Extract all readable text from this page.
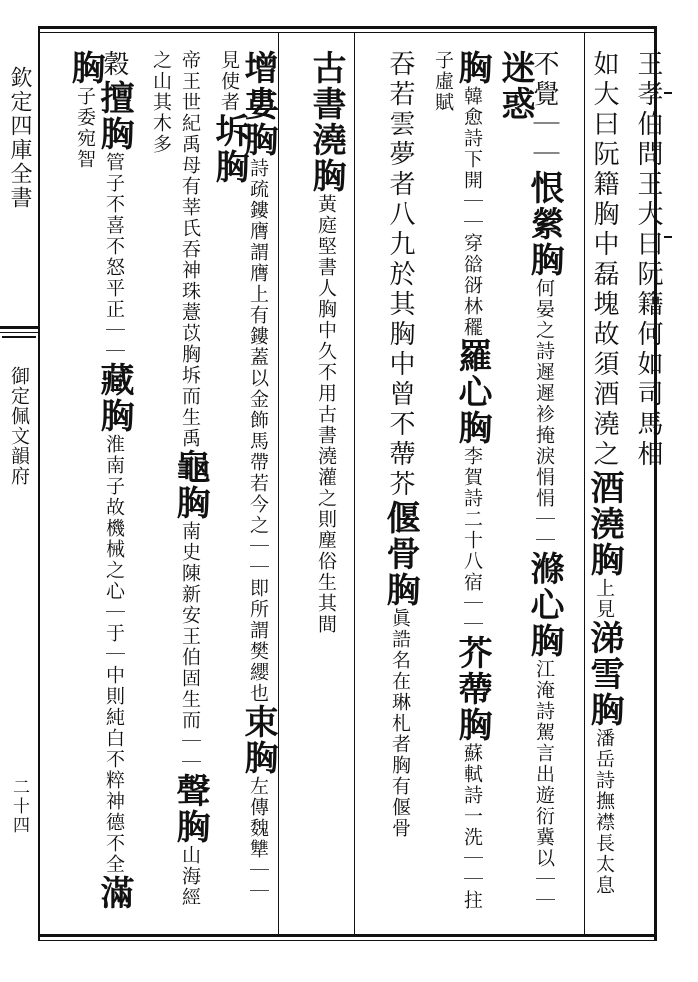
欽定四庫全書
御定佩文韻府
二十四
王孝伯問王大曰阮籍何如司馬相
如大曰阮籍胸中磊塊故須酒澆之酒澆胸上見涕雪胸潘岳詩撫襟長太息
不覺｜｜恨縈胸何晏之詩遲遲袗掩淚悁悁｜｜滌心胸江淹詩駕言出遊衍冀以｜｜迷惑
胸韓愈詩下開｜｜穿谽谺林䆉羅心胸李賀詩二十八宿｜｜芥蔕胸蘇軾詩一洗｜｜拄子虛賦
吞若雲夢者八九於其胸中曾不蔕芥偃骨胸眞誥名在琳札者胸有偃骨
古書澆胸黃庭堅書人胸中久不用古書澆灌之則塵俗生其間
增婁胸詩疏鏤膺謂膺上有鏤蓋以金飾馬帶若今之｜｜即所謂樊纓也束胸左傳魏犨｜｜見使者坼胸
帝王世紀禹母有莘氏吞神珠薏苡胸坼而生禹龜胸南史陳新安王伯固生而｜｜聲胸山海經之山其木多
穀擅胸管子不喜不怒平正｜｜藏胸淮南子故機械之心｜于｜中則純白不粹神德不全滿胸子委宛智
